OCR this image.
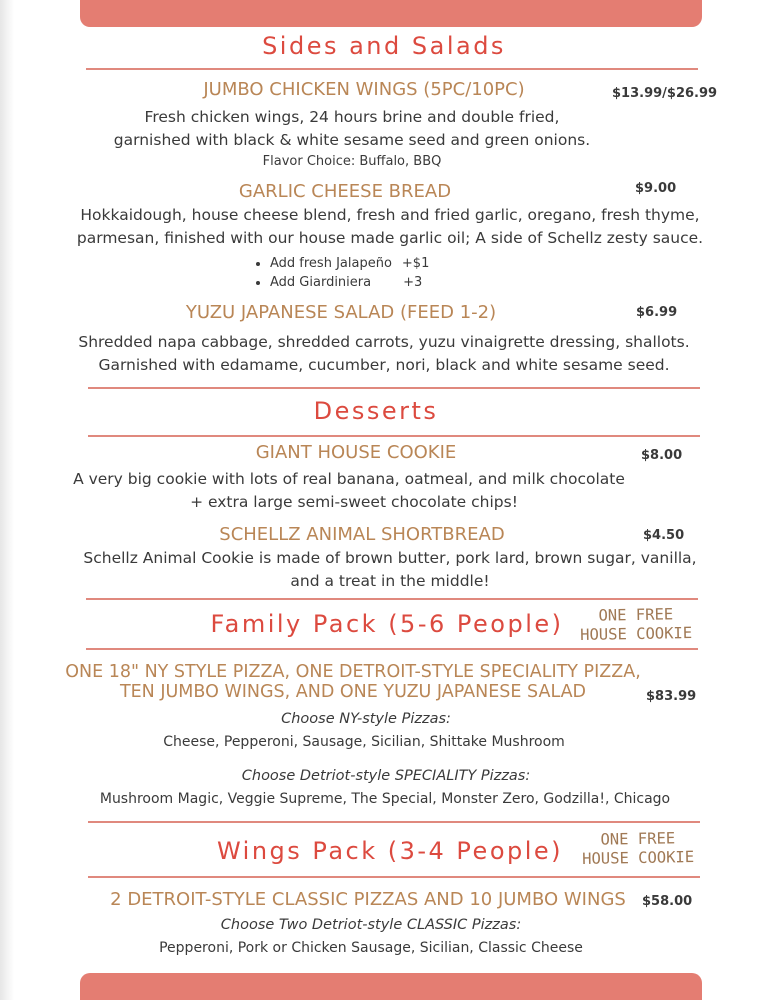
Sides and Salads
JUMBO CHICKEN WINGS (5PC/10PC)	$13.99/$26.99
Fresh chicken wings, 24 hours brine and double fried,
garnished with black & white sesame seed and green onions.
Flavor Choice: Buffalo, BBQ
GARLIC CHEESE BREAD	$9.00
Hokkaidough, house cheese blend, fresh and fried garlic, oregano, fresh thyme,
parmesan, finished with our house made garlic oil; A side of Schellz zesty sauce.
• Add fresh Jalapeño +$1
• Add Giardiniera +3
YUZU JAPANESE SALAD (FEED 1-2)	$6.99
Shredded napa cabbage, shredded carrots, yuzu vinaigrette dressing, shallots.
Garnished with edamame, cucumber, nori, black and white sesame seed.
Desserts
GIANT HOUSE COOKIE	$8.00
A very big cookie with lots of real banana, oatmeal, and milk chocolate
+ extra large semi-sweet chocolate chips!
SCHELLZ ANIMAL SHORTBREAD	$4.50
Schellz Animal Cookie is made of brown butter, pork lard, brown sugar, vanilla,
and a treat in the middle!
Family Pack (5-6 People)	ONE FREE
HOUSE COOKIE
ONE 18" NY STYLE PIZZA, ONE DETROIT-STYLE SPECIALITY PIZZA,
TEN JUMBO WINGS, AND ONE YUZU JAPANESE SALAD	$83.99
Choose NY-style Pizzas:
Cheese, Pepperoni, Sausage, Sicilian, Shittake Mushroom
Choose Detriot-style SPECIALITY Pizzas:
Mushroom Magic, Veggie Supreme, The Special, Monster Zero, Godzilla!, Chicago
Wings Pack (3-4 People)	ONE FREE
HOUSE COOKIE
2 DETROIT-STYLE CLASSIC PIZZAS AND 10 JUMBO WINGS	$58.00
Choose Two Detriot-style CLASSIC Pizzas:
Pepperoni, Pork or Chicken Sausage, Sicilian, Classic Cheese
